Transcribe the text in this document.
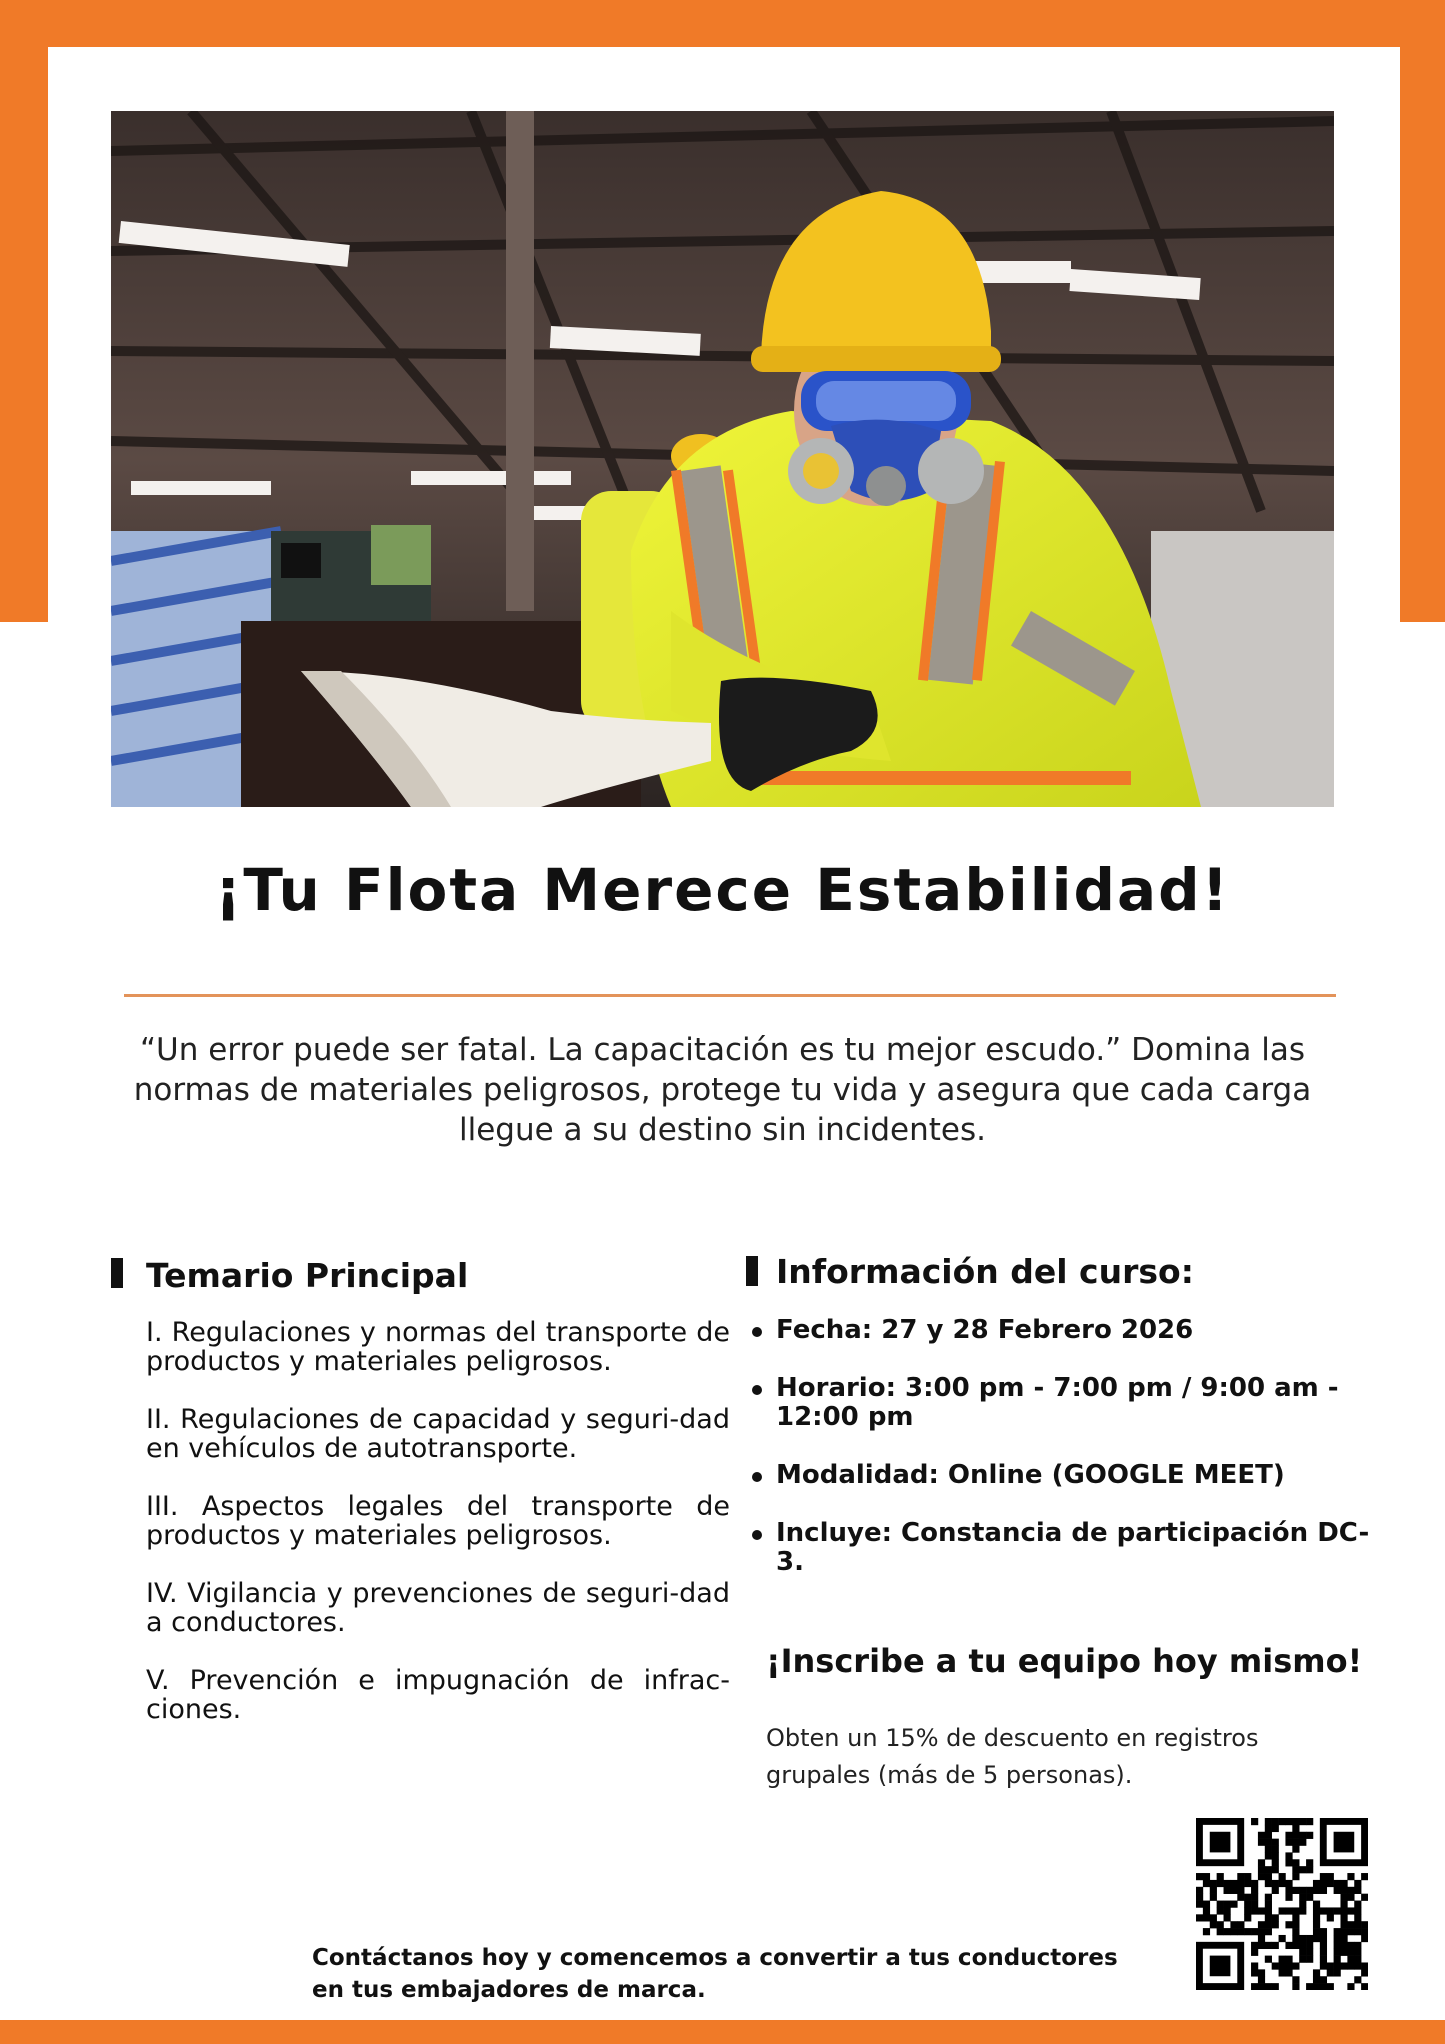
¡Tu Flota Merece Estabilidad!

“Un error puede ser fatal. La capacitación es tu mejor escudo.” Domina las normas de materiales peligrosos, protege tu vida y asegura que cada carga llegue a su destino sin incidentes.

Temario Principal

I. Regulaciones y normas del transporte de productos y materiales peligrosos.

II. Regulaciones de capacidad y seguri-dad en vehículos de autotransporte.

III. Aspectos legales del transporte de productos y materiales peligrosos.

IV. Vigilancia y prevenciones de seguri-dad a conductores.

V. Prevención e impugnación de infrac-ciones.

Información del curso:
Fecha: 27 y 28 Febrero 2026
Horario: 3:00 pm - 7:00 pm / 9:00 am - 12:00 pm
Modalidad: Online (GOOGLE MEET)
Incluye: Constancia de participación DC-3.
¡Inscribe a tu equipo hoy mismo!

Obten un 15% de descuento en registros grupales (más de 5 personas).

Contáctanos hoy y comencemos a convertir a tus conductores en tus embajadores de marca.
